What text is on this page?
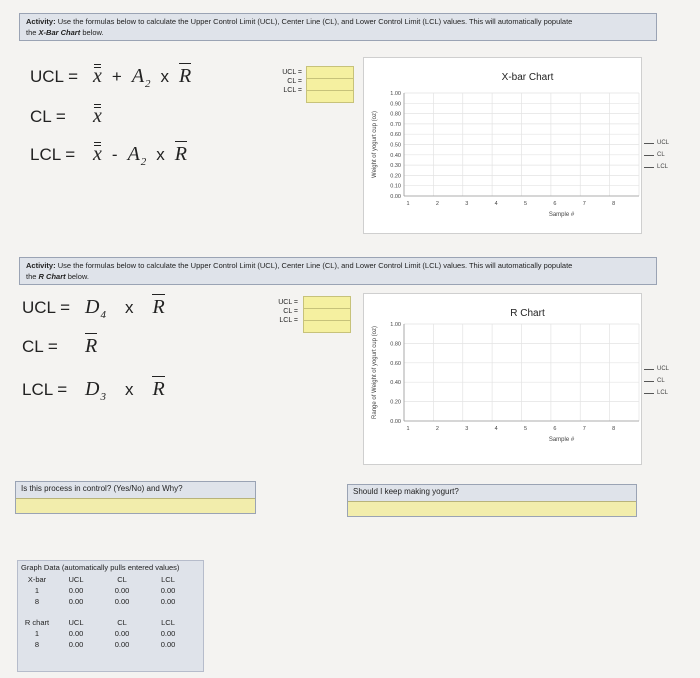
Activity: Use the formulas below to calculate the Upper Control Limit (UCL), Center Line (CL), and Lower Control Limit (LCL) values. This will automatically populate
the X-Bar Chart below.
UCL = $x + A_2$ x R
CL =	x
LCL = x - $A_2$ x R
UCL =
CL =
LCL =
X-bar Chart
1.00
0.90
0.80
0.70
0.60
0.50
0.40
0.30
0.20
0.10
0.00
1	2	3	4	5	6	7	8
Sample #
Weight of yogurt cup (oz)	UCL
CL
LCL
Activity: Use the formulas below to calculate the Upper Control Limit (UCL), Center Line (CL), and Lower Control Limit (LCL) values. This will automatically populate
the R Chart below.
UCL = $D_4$ x R
CL =	R
LCL = $D_3$ x R
UCL =
CL =
LCL =
R Chart
1.00
0.80
0.60
0.40
0.20
0.00
1	2	3	4	5	6	7	8
Sample #
Range of Weight of yogurt cup (oz)	UCL
CL
LCL
Is this process in control? (Yes/No) and Why?	Should I keep making yogurt?
Graph Data (automatically pulls entered values)
X-bar	UCL	CL	LCL
1	0.00	0.00	0.00
8	0.00	0.00	0.00
R chart	UCL	CL	LCL
1	0.00	0.00	0.00
8	0.00	0.00	0.00
